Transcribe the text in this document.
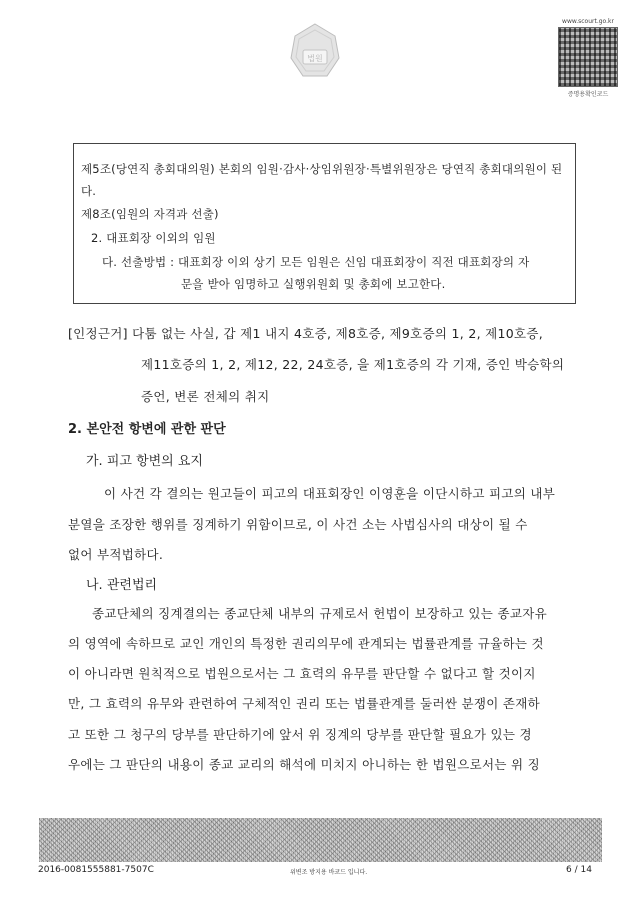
법원
www.scourt.go.kr
증명용확인코드
제5조(당연직 총회대의원) 본회의 임원·감사·상임위원장·특별위원장은 당연직 총회대의원이 된
다.
제8조(임원의 자격과 선출)
2. 대표회장 이외의 임원
다. 선출방법 : 대표회장 이외 상기 모든 임원은 신임 대표회장이 직전 대표회장의 자
문을 받아 임명하고 실행위원회 및 총회에 보고한다.
[인정근거] 다툼 없는 사실, 갑 제1 내지 4호증, 제8호증, 제9호증의 1, 2, 제10호증,
제11호증의 1, 2, 제12, 22, 24호증, 을 제1호증의 각 기재, 증인 박승학의
증언, 변론 전체의 취지
2. 본안전 항변에 관한 판단
가. 피고 항변의 요지
이 사건 각 결의는 원고들이 피고의 대표회장인 이영훈을 이단시하고 피고의 내부
분열을 조장한 행위를 징계하기 위함이므로, 이 사건 소는 사법심사의 대상이 될 수
없어 부적법하다.
나. 관련법리
종교단체의 징계결의는 종교단체 내부의 규제로서 헌법이 보장하고 있는 종교자유
의 영역에 속하므로 교인 개인의 특정한 권리의무에 관계되는 법률관계를 규율하는 것
이 아니라면 원칙적으로 법원으로서는 그 효력의 유무를 판단할 수 없다고 할 것이지
만, 그 효력의 유무와 관련하여 구체적인 권리 또는 법률관계를 둘러싼 분쟁이 존재하
고 또한 그 청구의 당부를 판단하기에 앞서 위 징계의 당부를 판단할 필요가 있는 경
우에는 그 판단의 내용이 종교 교리의 해석에 미치지 아니하는 한 법원으로서는 위 징
2016-0081555881-7507C	위변조 방지용 바코드 입니다.	6 / 14
